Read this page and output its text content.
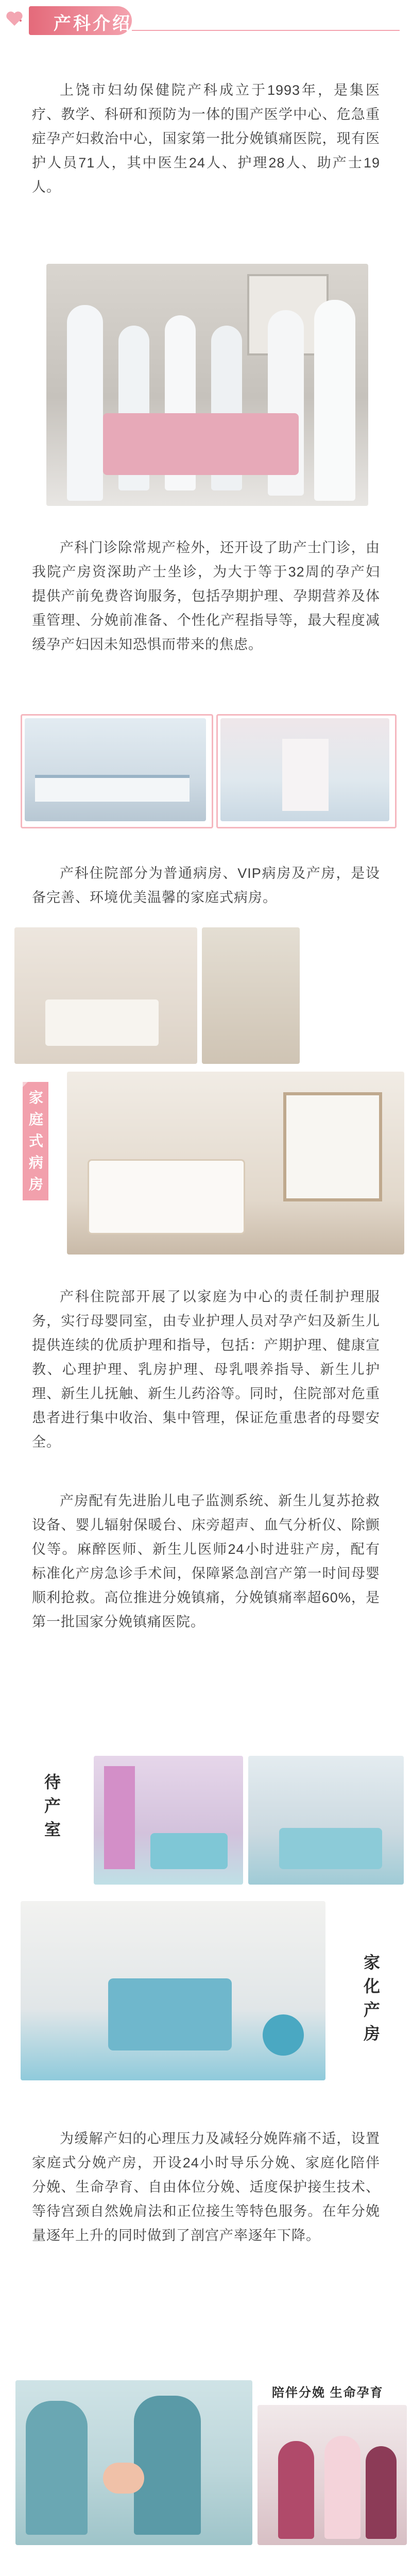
产科介绍

上饶市妇幼保健院产科成立于1993年，是集医疗、教学、科研和预防为一体的围产医学中心、危急重症孕产妇救治中心，国家第一批分娩镇痛医院，现有医护人员71人，其中医生24人、护理28人、助产士19人。

产科门诊除常规产检外，还开设了助产士门诊，由我院产房资深助产士坐诊，为大于等于32周的孕产妇提供产前免费咨询服务，包括孕期护理、孕期营养及体重管理、分娩前准备、个性化产程指导等，最大程度减缓孕产妇因未知恐惧而带来的焦虑。

产科住院部分为普通病房、VIP病房及产房，是设备完善、环境优美温馨的家庭式病房。

家庭式病房

产科住院部开展了以家庭为中心的责任制护理服务，实行母婴同室，由专业护理人员对孕产妇及新生儿提供连续的优质护理和指导，包括：产期护理、健康宣教、心理护理、乳房护理、母乳喂养指导、新生儿护理、新生儿抚触、新生儿药浴等。同时，住院部对危重患者进行集中收治、集中管理，保证危重患者的母婴安全。

产房配有先进胎儿电子监测系统、新生儿复苏抢救设备、婴儿辐射保暖台、床旁超声、血气分析仪、除颤仪等。麻醉医师、新生儿医师24小时进驻产房，配有标准化产房急诊手术间，保障紧急剖宫产第一时间母婴顺利抢救。高位推进分娩镇痛，分娩镇痛率超60%，是第一批国家分娩镇痛医院。

待产室
家化产房

为缓解产妇的心理压力及减轻分娩阵痛不适，设置家庭式分娩产房，开设24小时导乐分娩、家庭化陪伴分娩、生命孕育、自由体位分娩、适度保护接生技术、等待宫颈自然娩肩法和正位接生等特色服务。在年分娩量逐年上升的同时做到了剖宫产率逐年下降。

陪伴分娩 生命孕育
